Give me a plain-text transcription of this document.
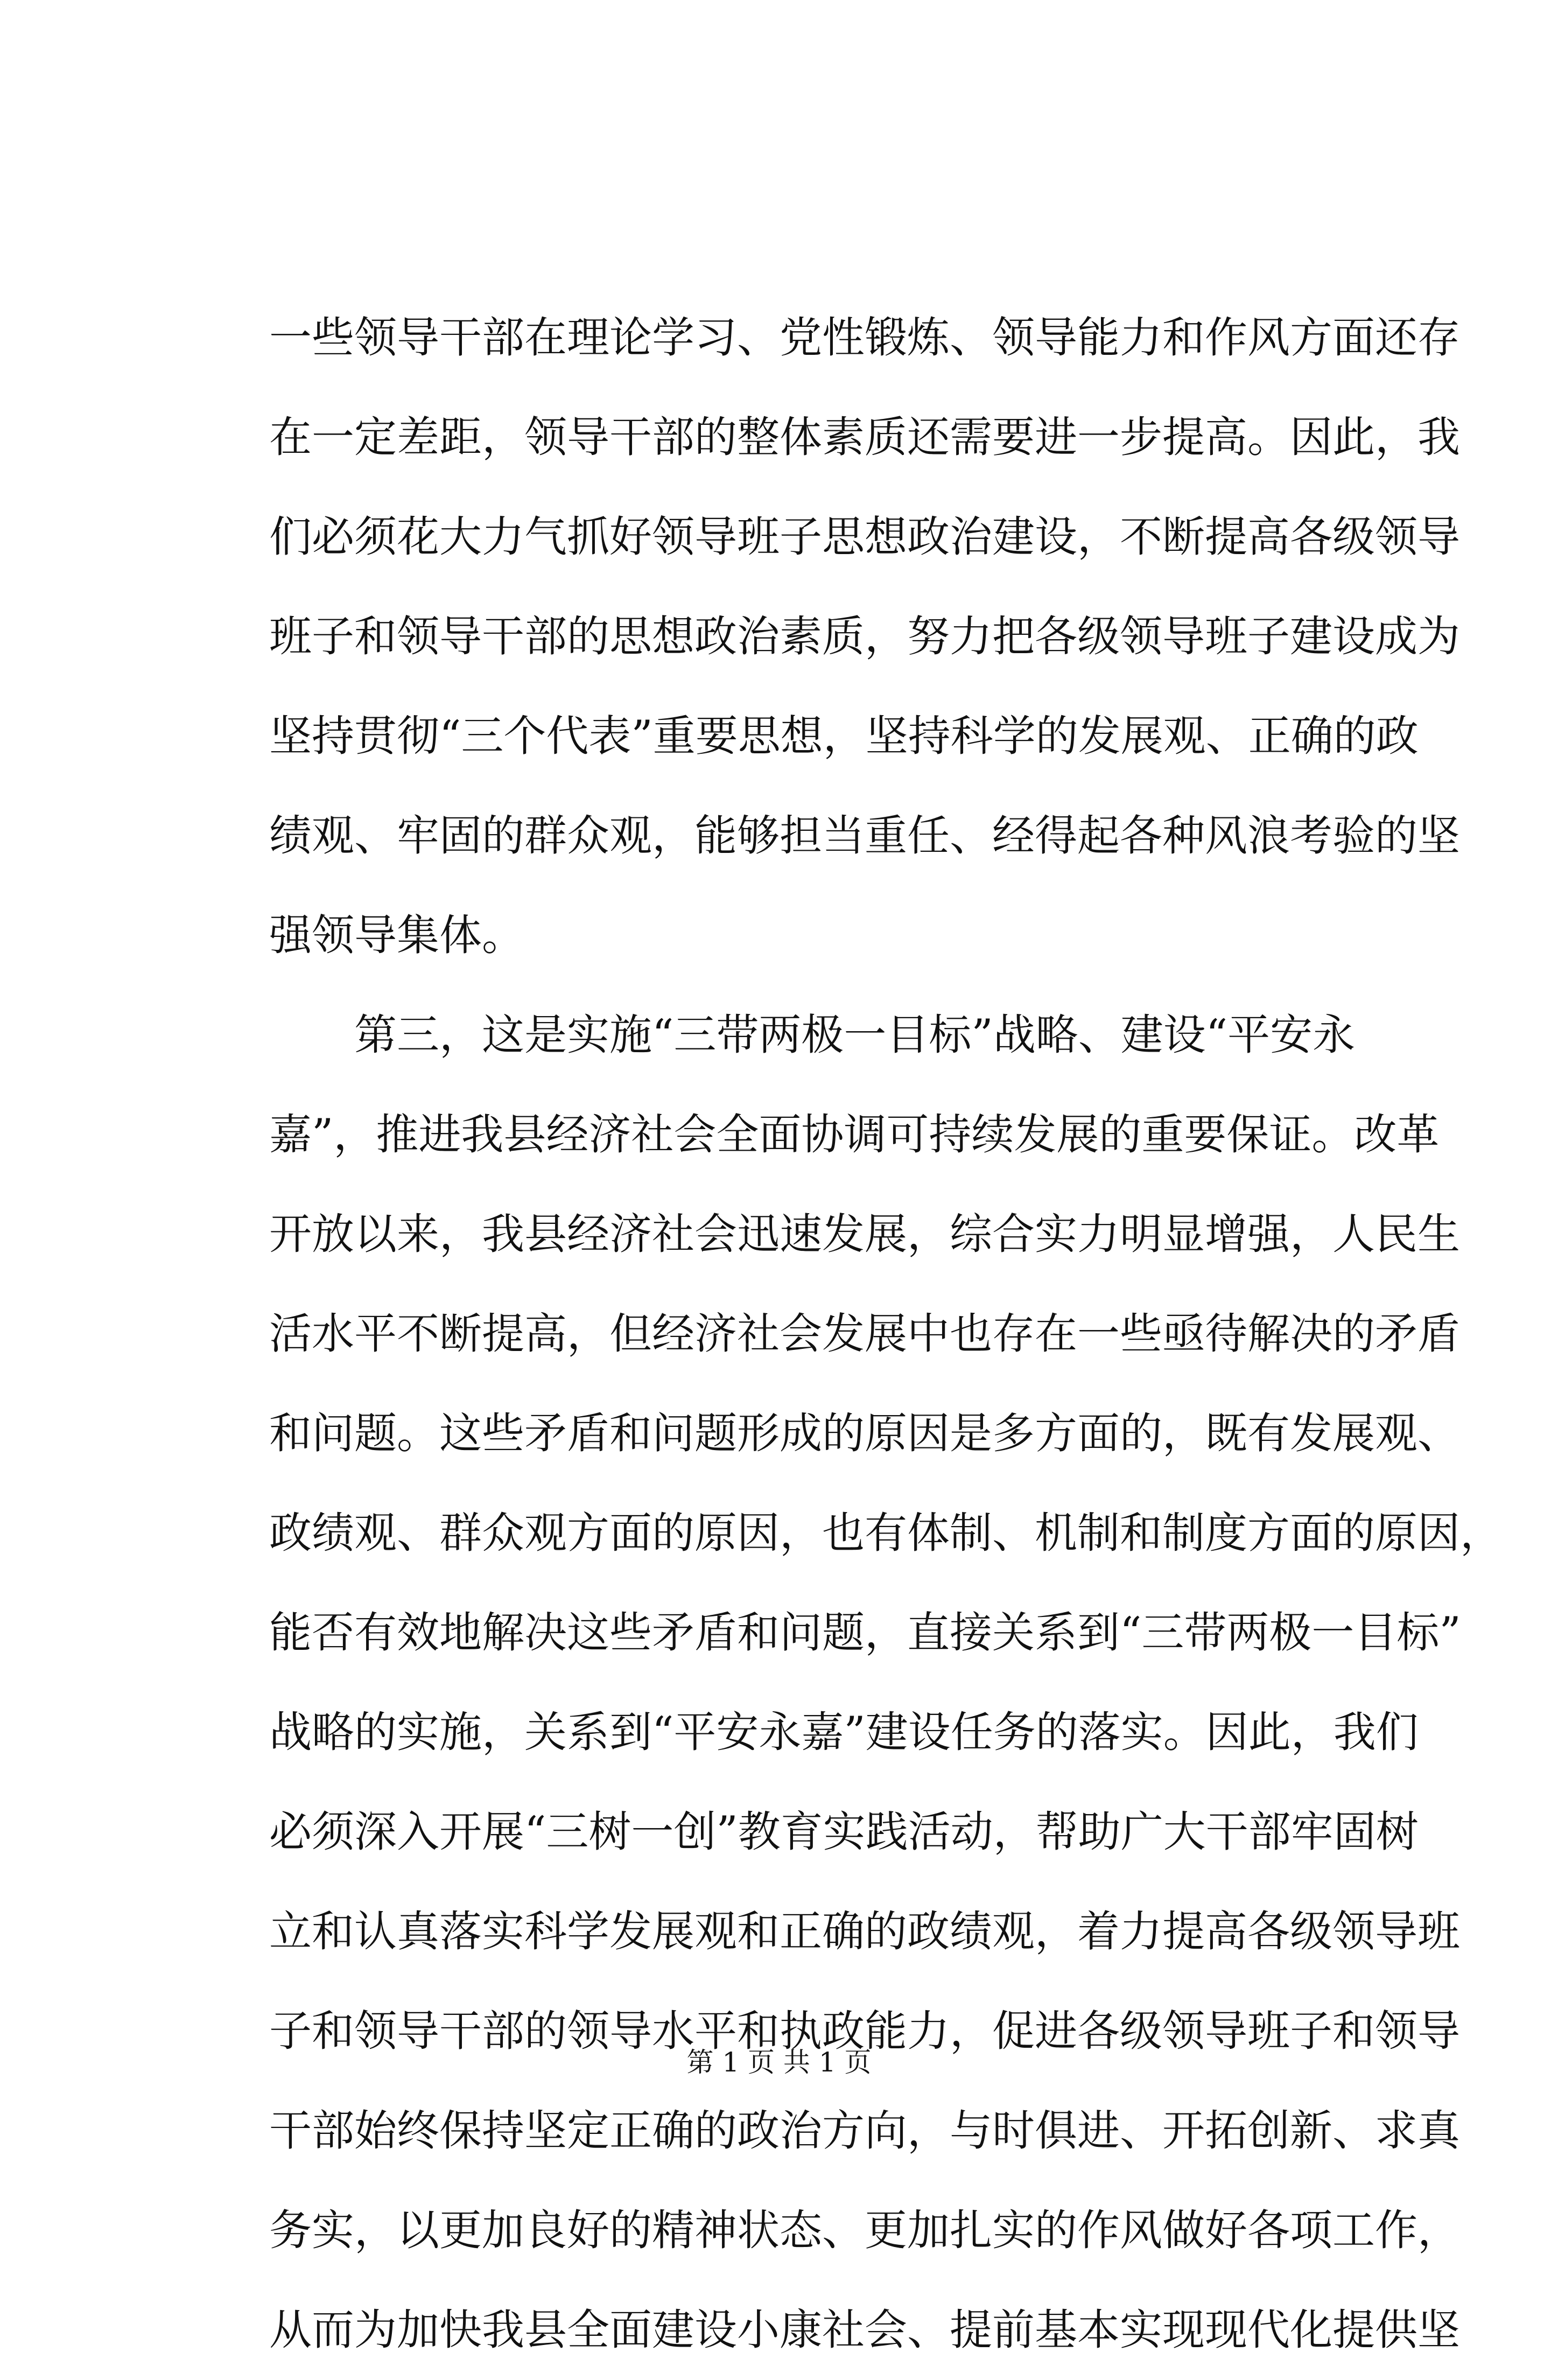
一些领导干部在理论学习、党性锻炼、领导能力和作风方面还存
在一定差距，领导干部的整体素质还需要进一步提高。因此，我
们必须花大力气抓好领导班子思想政治建设，不断提高各级领导
班子和领导干部的思想政治素质，努力把各级领导班子建设成为
坚持贯彻“三个代表”重要思想，坚持科学的发展观、正确的政
绩观、牢固的群众观，能够担当重任、经得起各种风浪考验的坚
强领导集体。
　　第三，这是实施“三带两极一目标”战略、建设“平安永
嘉”，推进我县经济社会全面协调可持续发展的重要保证。改革
开放以来，我县经济社会迅速发展，综合实力明显增强，人民生
活水平不断提高，但经济社会发展中也存在一些亟待解决的矛盾
和问题。这些矛盾和问题形成的原因是多方面的，既有发展观、
政绩观、群众观方面的原因，也有体制、机制和制度方面的原因，
能否有效地解决这些矛盾和问题，直接关系到“三带两极一目标”
战略的实施，关系到“平安永嘉”建设任务的落实。因此，我们
必须深入开展“三树一创”教育实践活动，帮助广大干部牢固树
立和认真落实科学发展观和正确的政绩观，着力提高各级领导班
子和领导干部的领导水平和执政能力，促进各级领导班子和领导
干部始终保持坚定正确的政治方向，与时俱进、开拓创新、求真
务实，以更加良好的精神状态、更加扎实的作风做好各项工作，
从而为加快我县全面建设小康社会、提前基本实现现代化提供坚
第 1 页 共 1 页
